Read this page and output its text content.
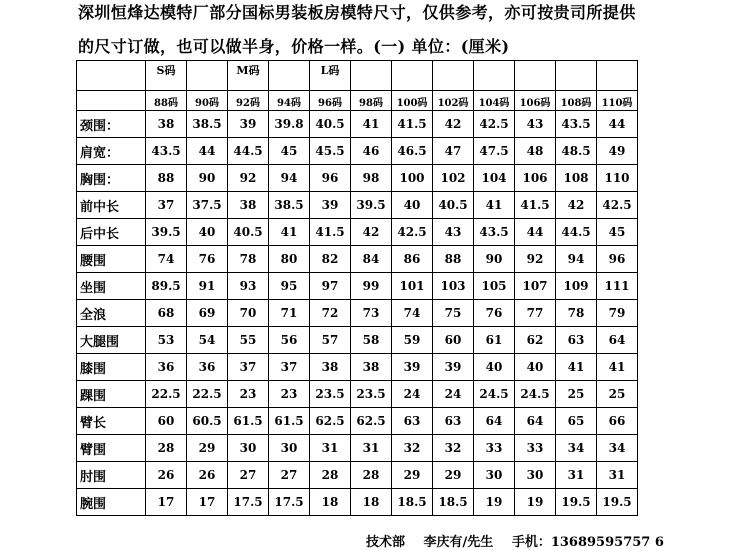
深圳恒烽达模特厂部分国标男装板房模特尺寸，仅供参考，亦可按贵司所提供
的尺寸订做，也可以做半身，价格一样。(一) 单位：(厘米)
	S码		M码		L码							
	88码	90码	92码	94码	96码	98码	100码	102码	104码	106码	108码	110码
颈围：	38	38.5	39	39.8	40.5	41	41.5	42	42.5	43	43.5	44
肩宽：	43.5	44	44.5	45	45.5	46	46.5	47	47.5	48	48.5	49
胸围：	88	90	92	94	96	98	100	102	104	106	108	110
前中长	37	37.5	38	38.5	39	39.5	40	40.5	41	41.5	42	42.5
后中长	39.5	40	40.5	41	41.5	42	42.5	43	43.5	44	44.5	45
腰围	74	76	78	80	82	84	86	88	90	92	94	96
坐围	89.5	91	93	95	97	99	101	103	105	107	109	111
全浪	68	69	70	71	72	73	74	75	76	77	78	79
大腿围	53	54	55	56	57	58	59	60	61	62	63	64
膝围	36	36	37	37	38	38	39	39	40	40	41	41
踝围	22.5	22.5	23	23	23.5	23.5	24	24	24.5	24.5	25	25
臂长	60	60.5	61.5	61.5	62.5	62.5	63	63	64	64	65	66
臂围	28	29	30	30	31	31	32	32	33	33	34	34
肘围	26	26	27	27	28	28	29	29	30	30	31	31
腕围	17	17	17.5	17.5	18	18	18.5	18.5	19	19	19.5	19.5
技术部 李庆有/先生 手机：13689595757 6
